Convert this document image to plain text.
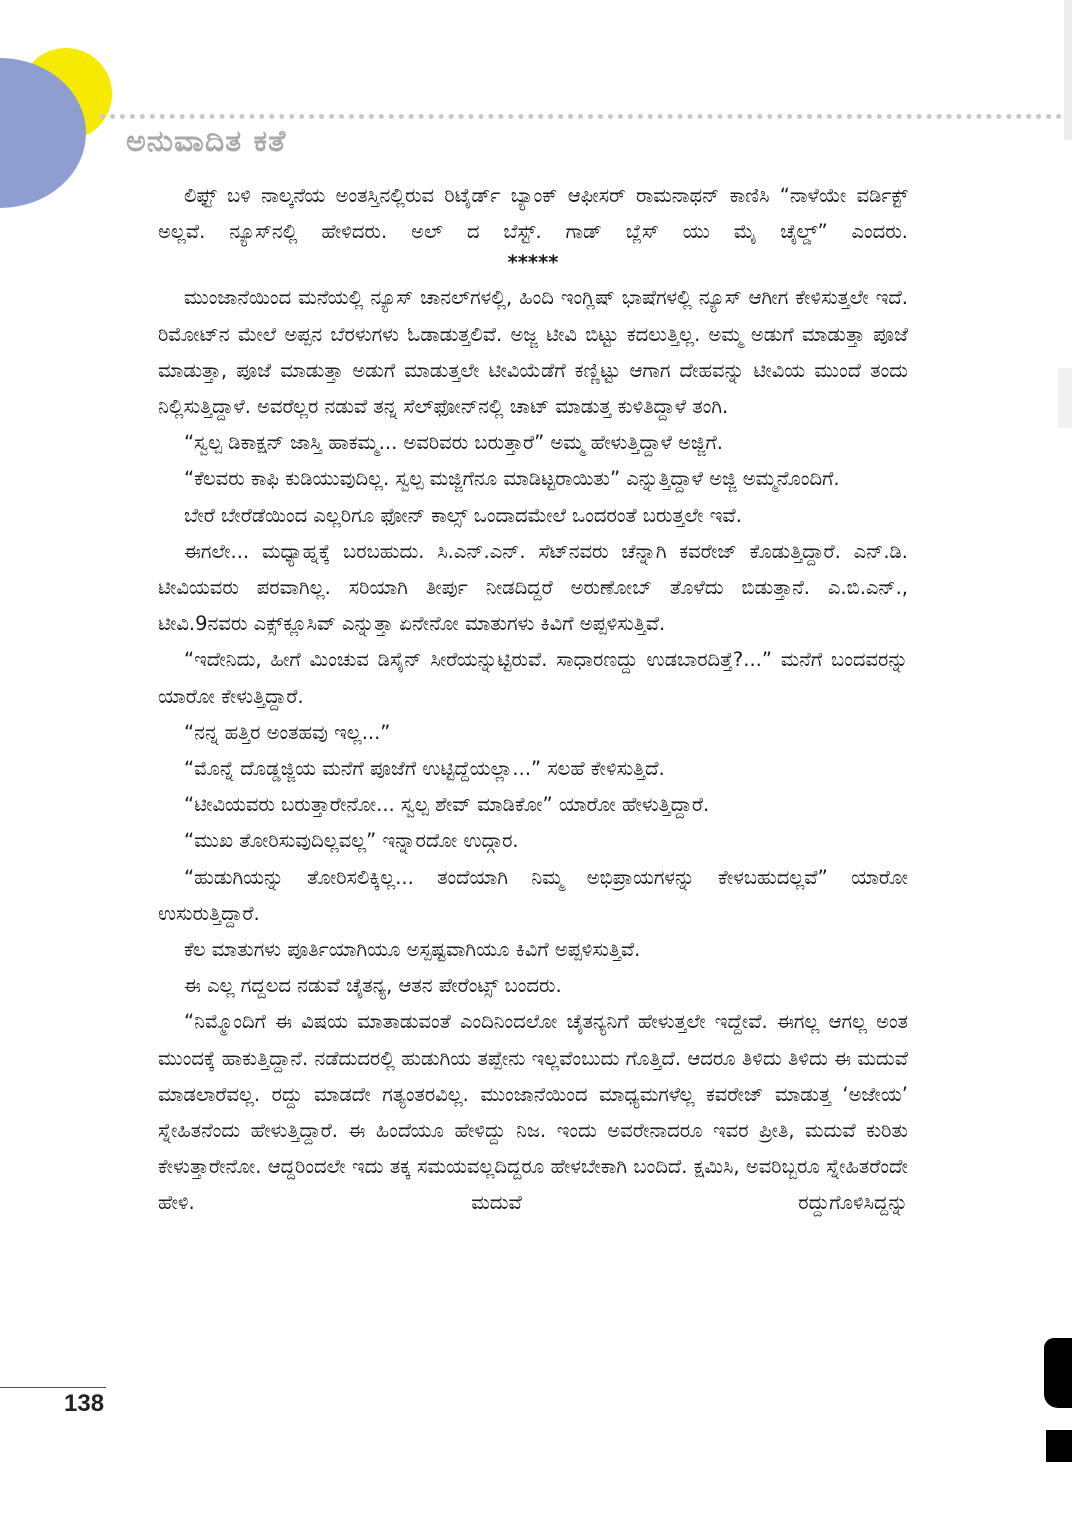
ಅನುವಾದಿತ ಕತೆ

ಲಿಫ್ಟ್ ಬಳಿ ನಾಲ್ಕನೆಯ ಅಂತಸ್ತಿನಲ್ಲಿರುವ ರಿಟೈರ್ಡ್ ಬ್ಯಾಂಕ್ ಆಫೀಸರ್ ರಾಮನಾಥನ್ ಕಾಣಿಸಿ “ನಾಳೆಯೇ ವರ್ಡಿಕ್ಟ್ ಅಲ್ಲವೆ. ನ್ಯೂಸ್‌ನಲ್ಲಿ ಹೇಳಿದರು. ಅಲ್ ದ ಬೆಸ್ಟ್. ಗಾಡ್ ಬ್ಲೆಸ್ ಯು ಮೈ ಚೈಲ್ಡ್” ಎಂದರು.

*****

ಮುಂಜಾನೆಯಿಂದ ಮನೆಯಲ್ಲಿ ನ್ಯೂಸ್ ಚಾನಲ್‌ಗಳಲ್ಲಿ, ಹಿಂದಿ ಇಂಗ್ಲಿಷ್ ಭಾಷೆಗಳಲ್ಲಿ ನ್ಯೂಸ್ ಆಗೀಗ ಕೇಳಿಸುತ್ತಲೇ ಇದೆ. ರಿಮೋಟ್‌ನ ಮೇಲೆ ಅಪ್ಪನ ಬೆರಳುಗಳು ಓಡಾಡುತ್ತಲಿವೆ. ಅಜ್ಜ ಟೀವಿ ಬಿಟ್ಟು ಕದಲುತ್ತಿಲ್ಲ. ಅಮ್ಮ ಅಡುಗೆ ಮಾಡುತ್ತಾ ಪೂಜೆ ಮಾಡುತ್ತಾ, ಪೂಜೆ ಮಾಡುತ್ತಾ ಅಡುಗೆ ಮಾಡುತ್ತಲೇ ಟೀವಿಯೆಡೆಗೆ ಕಣ್ಣಿಟ್ಟು ಆಗಾಗ ದೇಹವನ್ನು ಟೀವಿಯ ಮುಂದೆ ತಂದು ನಿಲ್ಲಿಸುತ್ತಿದ್ದಾಳೆ. ಅವರೆಲ್ಲರ ನಡುವೆ ತನ್ನ ಸೆಲ್‌ಫೋನ್‌ನಲ್ಲಿ ಚಾಟ್ ಮಾಡುತ್ತ ಕುಳಿತಿದ್ದಾಳೆ ತಂಗಿ.

“ಸ್ವಲ್ಪ ಡಿಕಾಕ್ಷನ್ ಜಾಸ್ತಿ ಹಾಕಮ್ಮ... ಅವರಿವರು ಬರುತ್ತಾರೆ” ಅಮ್ಮ ಹೇಳುತ್ತಿದ್ದಾಳೆ ಅಜ್ಜಿಗೆ.

“ಕೆಲವರು ಕಾಫಿ ಕುಡಿಯುವುದಿಲ್ಲ. ಸ್ವಲ್ಪ ಮಜ್ಜಿಗೆನೂ ಮಾಡಿಟ್ಟರಾಯಿತು” ಎನ್ನುತ್ತಿದ್ದಾಳೆ ಅಜ್ಜಿ ಅಮ್ಮನೊಂದಿಗೆ.

ಬೇರೆ ಬೇರೆಡೆಯಿಂದ ಎಲ್ಲರಿಗೂ ಫೋನ್ ಕಾಲ್ಸ್ ಒಂದಾದಮೇಲೆ ಒಂದರಂತೆ ಬರುತ್ತಲೇ ಇವೆ.

ಈಗಲೇ... ಮಧ್ಯಾಹ್ನಕ್ಕೆ ಬರಬಹುದು. ಸಿ.ಎನ್.ಎನ್. ಸೆಟ್‌ನವರು ಚೆನ್ನಾಗಿ ಕವರೇಜ್ ಕೊಡುತ್ತಿದ್ದಾರೆ. ಎನ್.ಡಿ. ಟೀವಿಯವರು ಪರವಾಗಿಲ್ಲ. ಸರಿಯಾಗಿ ತೀರ್ಪು ನೀಡದಿದ್ದರೆ ಅರುಣೋಬ್ ತೊಳೆದು ಬಿಡುತ್ತಾನೆ. ಎ.ಬಿ.ಎನ್., ಟೀವಿ.9ನವರು ಎಕ್ಸ್‌ಕ್ಲೂಸಿವ್ ಎನ್ನುತ್ತಾ ಏನೇನೋ ಮಾತುಗಳು ಕಿವಿಗೆ ಅಪ್ಪಳಿಸುತ್ತಿವೆ.

“ಇದೇನಿದು, ಹೀಗೆ ಮಿಂಚುವ ಡಿಸೈನ್ ಸೀರೆಯನ್ನುಟ್ಟಿರುವೆ. ಸಾಧಾರಣದ್ದು ಉಡಬಾರದಿತ್ತೆ?...” ಮನೆಗೆ ಬಂದವರನ್ನು ಯಾರೋ ಕೇಳುತ್ತಿದ್ದಾರೆ.

“ನನ್ನ ಹತ್ತಿರ ಅಂತಹವು ಇಲ್ಲ...”

“ಮೊನ್ನೆ ದೊಡ್ಡಜ್ಜಿಯ ಮನೆಗೆ ಪೂಜೆಗೆ ಉಟ್ಟಿದ್ದೆಯಲ್ಲಾ...” ಸಲಹೆ ಕೇಳಿಸುತ್ತಿದೆ.

“ಟೀವಿಯವರು ಬರುತ್ತಾರೇನೋ... ಸ್ವಲ್ಪ ಶೇವ್ ಮಾಡಿಕೋ” ಯಾರೋ ಹೇಳುತ್ತಿದ್ದಾರೆ.

“ಮುಖ ತೋರಿಸುವುದಿಲ್ಲವಲ್ಲ” ಇನ್ನಾರದೋ ಉದ್ಗಾರ.

“ಹುಡುಗಿಯನ್ನು ತೋರಿಸಲಿಕ್ಕಿಲ್ಲ... ತಂದೆಯಾಗಿ ನಿಮ್ಮ ಅಭಿಪ್ರಾಯಗಳನ್ನು ಕೇಳಬಹುದಲ್ಲವೆ” ಯಾರೋ ಉಸುರುತ್ತಿದ್ದಾರೆ.

ಕೆಲ ಮಾತುಗಳು ಪೂರ್ತಿಯಾಗಿಯೂ ಅಸ್ಪಷ್ಟವಾಗಿಯೂ ಕಿವಿಗೆ ಅಪ್ಪಳಿಸುತ್ತಿವೆ.

ಈ ಎಲ್ಲ ಗದ್ದಲದ ನಡುವೆ ಚೈತನ್ಯ, ಆತನ ಪೇರೆಂಟ್ಸ್ ಬಂದರು.

“ನಿಮ್ಮೊಂದಿಗೆ ಈ ವಿಷಯ ಮಾತಾಡುವಂತೆ ಎಂದಿನಿಂದಲೋ ಚೈತನ್ಯನಿಗೆ ಹೇಳುತ್ತಲೇ ಇದ್ದೇವೆ. ಈಗಲ್ಲ ಆಗಲ್ಲ ಅಂತ ಮುಂದಕ್ಕೆ ಹಾಕುತ್ತಿದ್ದಾನೆ. ನಡೆದುದರಲ್ಲಿ ಹುಡುಗಿಯ ತಪ್ಪೇನು ಇಲ್ಲವೆಂಬುದು ಗೊತ್ತಿದೆ. ಆದರೂ ತಿಳಿದು ತಿಳಿದು ಈ ಮದುವೆ ಮಾಡಲಾರೆವಲ್ಲ. ರದ್ದು ಮಾಡದೇ ಗತ್ಯಂತರವಿಲ್ಲ. ಮುಂಜಾನೆಯಿಂದ ಮಾಧ್ಯಮಗಳೆಲ್ಲ ಕವರೇಜ್ ಮಾಡುತ್ತ ‘ಅಜೇಯ’ ಸ್ನೇಹಿತನೆಂದು ಹೇಳುತ್ತಿದ್ದಾರೆ. ಈ ಹಿಂದೆಯೂ ಹೇಳಿದ್ದು ನಿಜ. ಇಂದು ಅವರೇನಾದರೂ ಇವರ ಪ್ರೀತಿ, ಮದುವೆ ಕುರಿತು ಕೇಳುತ್ತಾರೇನೋ. ಆದ್ದರಿಂದಲೇ ಇದು ತಕ್ಕ ಸಮಯವಲ್ಲದಿದ್ದರೂ ಹೇಳಬೇಕಾಗಿ ಬಂದಿದೆ. ಕ್ಷಮಿಸಿ, ಅವರಿಬ್ಬರೂ ಸ್ನೇಹಿತರೆಂದೇ ಹೇಳಿ. ಮದುವೆ ರದ್ದುಗೊಳಿಸಿದ್ದನ್ನು

138
